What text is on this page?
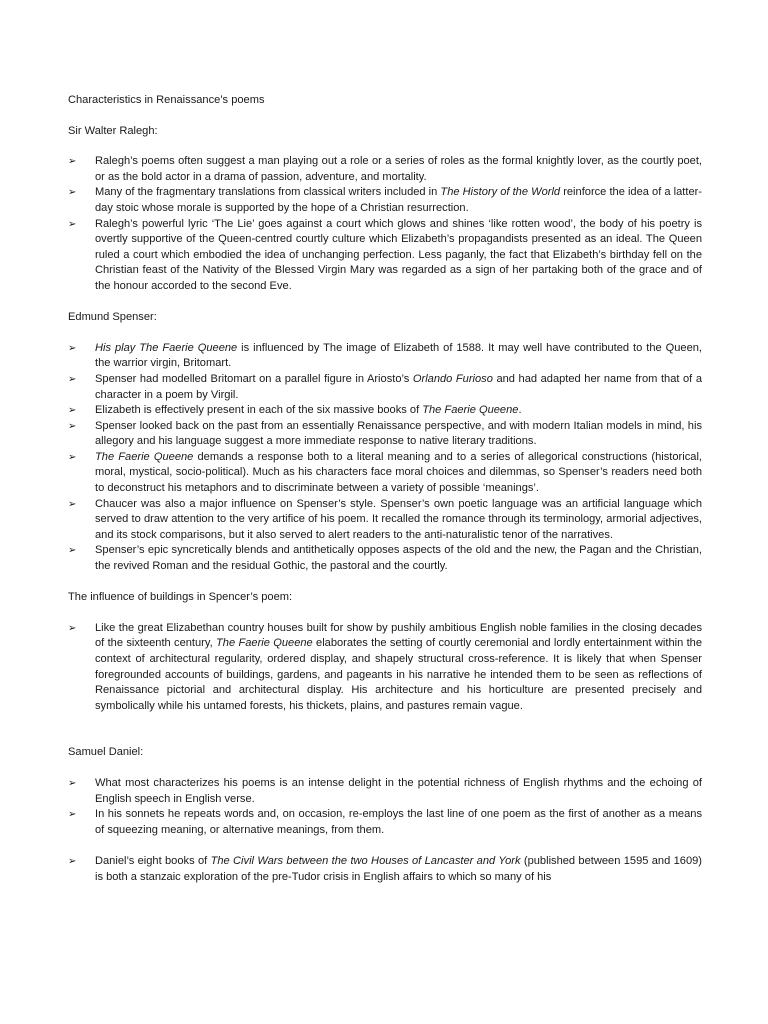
Characteristics in Renaissance’s poems

Sir Walter Ralegh:

➢ Ralegh’s poems often suggest a man playing out a role or a series of roles as the formal knightly lover, as the courtly poet, or as the bold actor in a drama of passion, adventure, and mortality.
➢ Many of the fragmentary translations from classical writers included in The History of the World reinforce the idea of a latter-day stoic whose morale is supported by the hope of a Christian resurrection.
➢ Ralegh’s powerful lyric ‘The Lie’ goes against a court which glows and shines ‘like rotten wood’, the body of his poetry is overtly supportive of the Queen-centred courtly culture which Elizabeth’s propagandists presented as an ideal. The Queen ruled a court which embodied the idea of unchanging perfection. Less paganly, the fact that Elizabeth’s birthday fell on the Christian feast of the Nativity of the Blessed Virgin Mary was regarded as a sign of her partaking both of the grace and of the honour accorded to the second Eve.

Edmund Spenser:

➢ His play The Faerie Queene is influenced by The image of Elizabeth of 1588. It may well have contributed to the Queen, the warrior virgin, Britomart.
➢ Spenser had modelled Britomart on a parallel figure in Ariosto’s Orlando Furioso and had adapted her name from that of a character in a poem by Virgil.
➢ Elizabeth is effectively present in each of the six massive books of The Faerie Queene.
➢ Spenser looked back on the past from an essentially Renaissance perspective, and with modern Italian models in mind, his allegory and his language suggest a more immediate response to native literary traditions.
➢ The Faerie Queene demands a response both to a literal meaning and to a series of allegorical constructions (historical, moral, mystical, socio-political). Much as his characters face moral choices and dilemmas, so Spenser’s readers need both to deconstruct his metaphors and to discriminate between a variety of possible ‘meanings’.
➢ Chaucer was also a major influence on Spenser’s style. Spenser’s own poetic language was an artificial language which served to draw attention to the very artifice of his poem. It recalled the romance through its terminology, armorial adjectives, and its stock comparisons, but it also served to alert readers to the anti-naturalistic tenor of the narratives.
➢ Spenser’s epic syncretically blends and antithetically opposes aspects of the old and the new, the Pagan and the Christian, the revived Roman and the residual Gothic, the pastoral and the courtly.

The influence of buildings in Spencer’s poem:

➢ Like the great Elizabethan country houses built for show by pushily ambitious English noble families in the closing decades of the sixteenth century, The Faerie Queene elaborates the setting of courtly ceremonial and lordly entertainment within the context of architectural regularity, ordered display, and shapely structural cross-reference. It is likely that when Spenser foregrounded accounts of buildings, gardens, and pageants in his narrative he intended them to be seen as reflections of Renaissance pictorial and architectural display. His architecture and his horticulture are presented precisely and symbolically while his untamed forests, his thickets, plains, and pastures remain vague.

Samuel Daniel:

➢ What most characterizes his poems is an intense delight in the potential richness of English rhythms and the echoing of English speech in English verse.
➢ In his sonnets he repeats words and, on occasion, re-employs the last line of one poem as the first of another as a means of squeezing meaning, or alternative meanings, from them.
➢ Daniel’s eight books of The Civil Wars between the two Houses of Lancaster and York (published between 1595 and 1609) is both a stanzaic exploration of the pre-Tudor crisis in English affairs to which so many of his
